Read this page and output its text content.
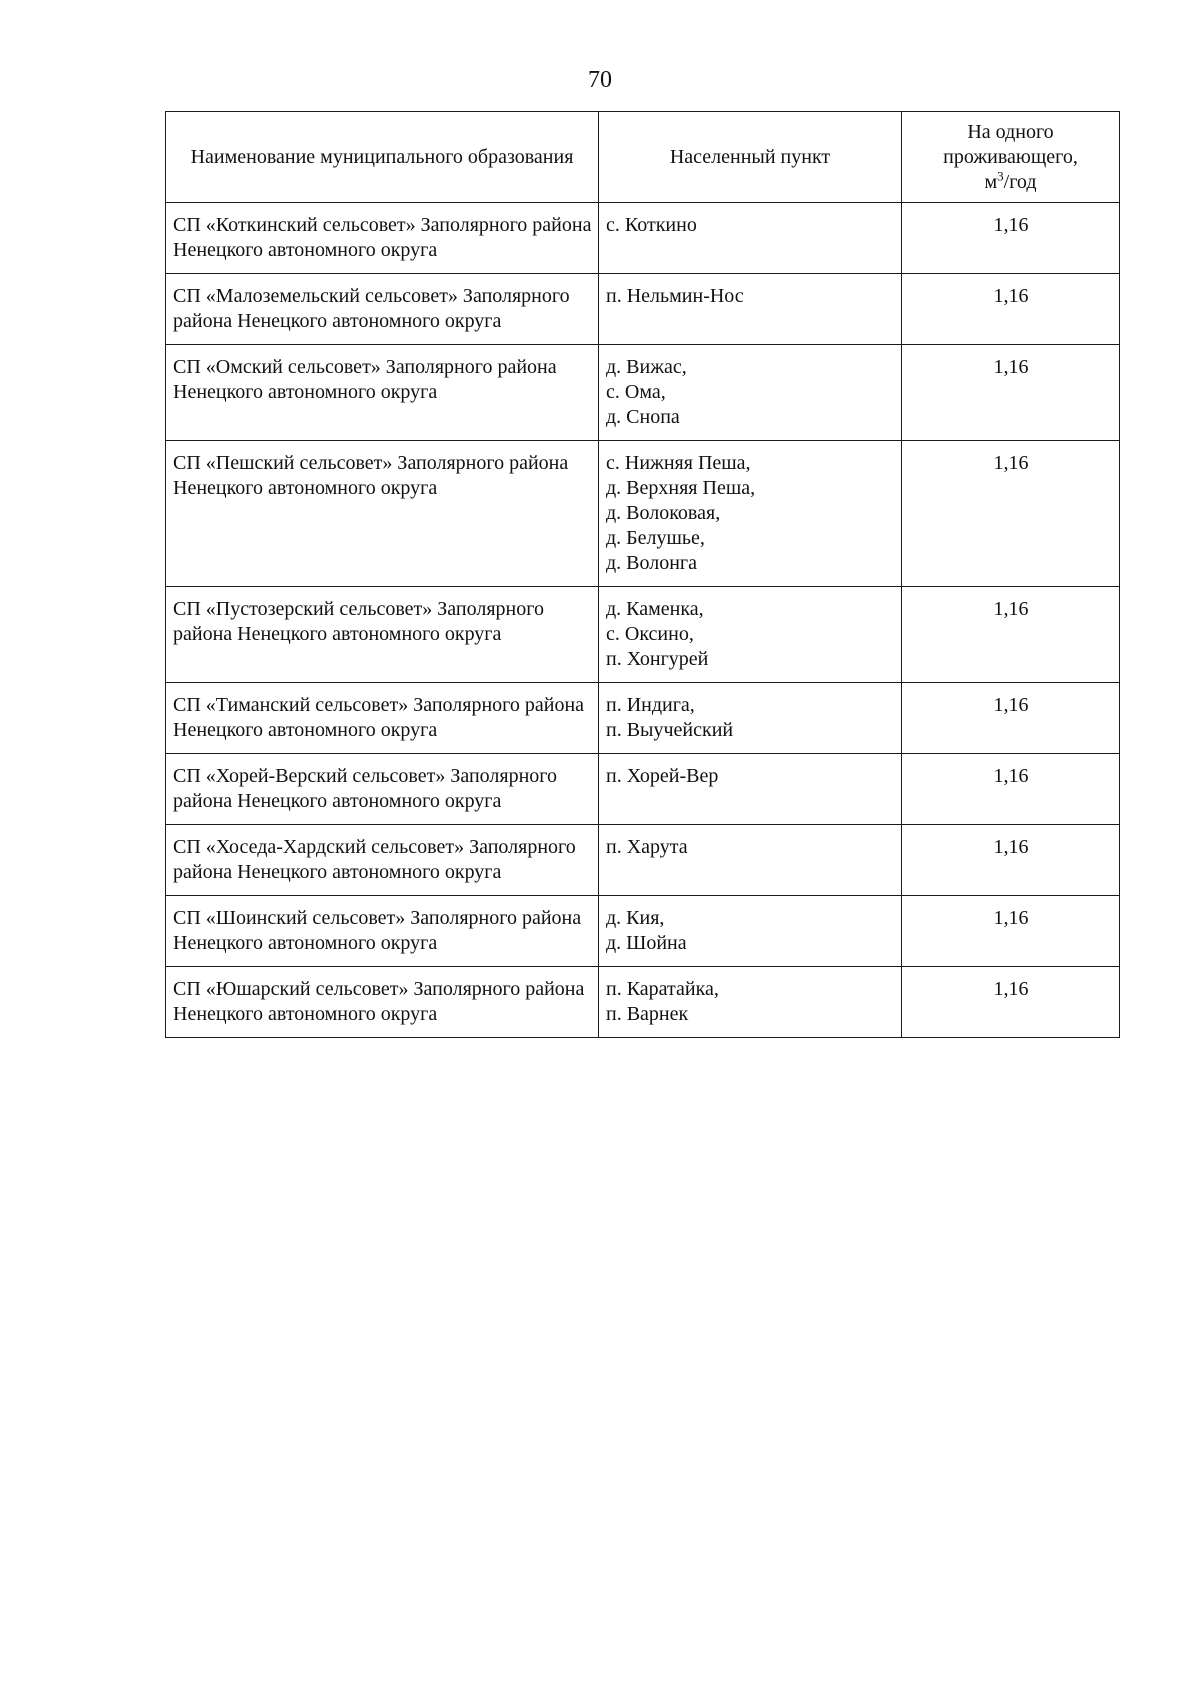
70
Наименование муниципального образования	Населенный пункт	На одного проживающего,
$м^3$/год
СП «Коткинский сельсовет» Заполярного района Ненецкого автономного округа	с. Коткино	1,16
СП «Малоземельский сельсовет» Заполярного района Ненецкого автономного округа	п. Нельмин-Нос	1,16
СП «Омский сельсовет» Заполярного района Ненецкого автономного округа	д. Вижас,
с. Ома,
д. Снопа	1,16
СП «Пешский сельсовет» Заполярного района Ненецкого автономного округа	с. Нижняя Пеша,
д. Верхняя Пеша,
д. Волоковая,
д. Белушье,
д. Волонга	1,16
СП «Пустозерский сельсовет» Заполярного района Ненецкого автономного округа	д. Каменка,
с. Оксино,
п. Хонгурей	1,16
СП «Тиманский сельсовет» Заполярного района Ненецкого автономного округа	п. Индига,
п. Выучейский	1,16
СП «Хорей-Верский сельсовет» Заполярного района Ненецкого автономного округа	п. Хорей-Вер	1,16
СП «Хоседа-Хардский сельсовет» Заполярного района Ненецкого автономного округа	п. Харута	1,16
СП «Шоинский сельсовет» Заполярного района Ненецкого автономного округа	д. Кия,
д. Шойна	1,16
СП «Юшарский сельсовет» Заполярного района Ненецкого автономного округа	п. Каратайка,
п. Варнек	1,16
